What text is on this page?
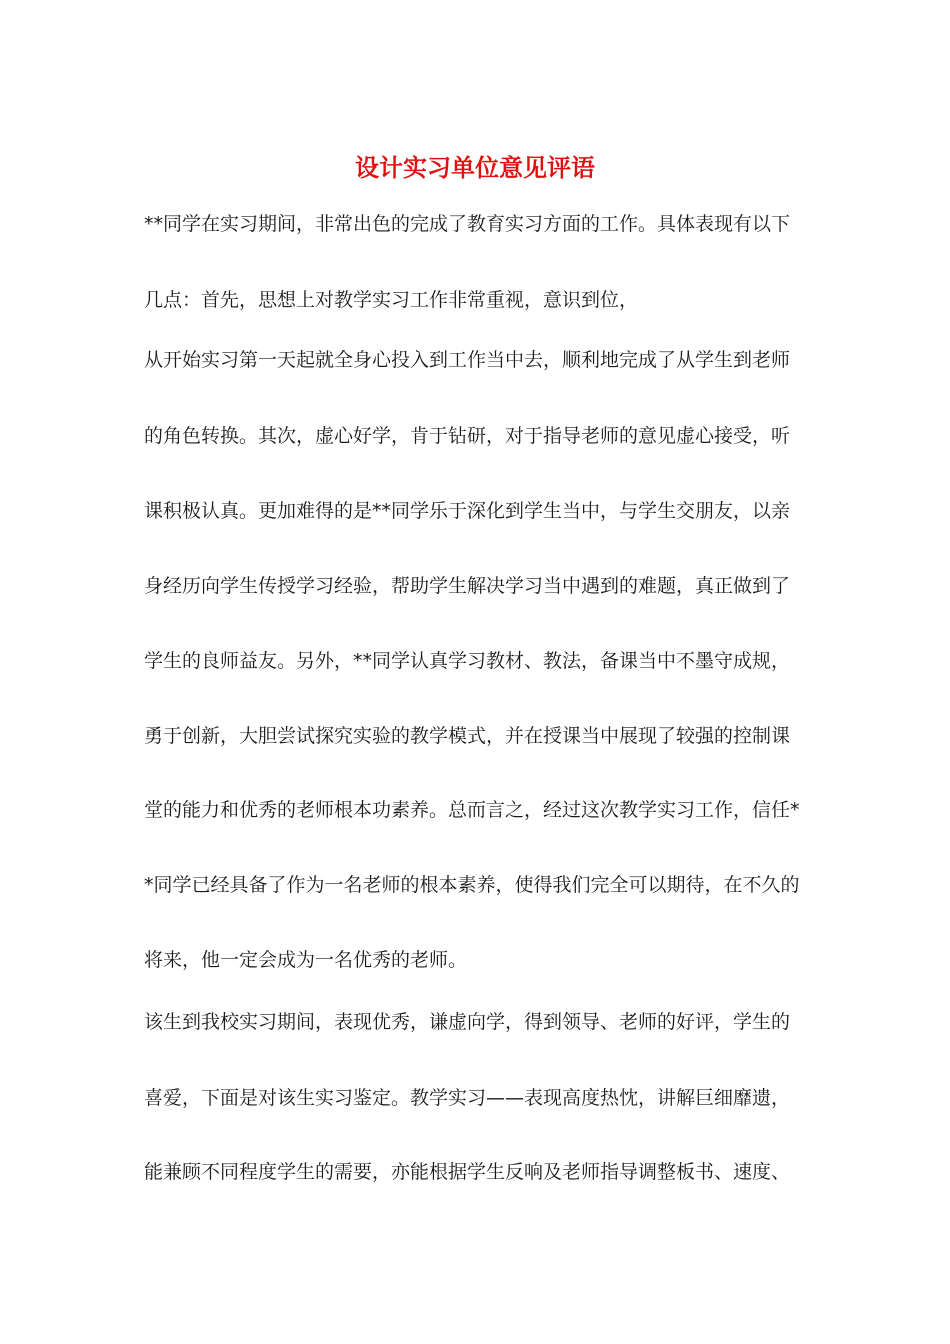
设计实习单位意见评语
**同学在实习期间，非常出色的完成了教育实习方面的工作。具体表现有以下
几点：首先，思想上对教学实习工作非常重视，意识到位，
从开始实习第一天起就全身心投入到工作当中去，顺利地完成了从学生到老师
的角色转换。其次，虚心好学，肯于钻研，对于指导老师的意见虚心接受，听
课积极认真。更加难得的是**同学乐于深化到学生当中，与学生交朋友，以亲
身经历向学生传授学习经验，帮助学生解决学习当中遇到的难题，真正做到了
学生的良师益友。另外，**同学认真学习教材、教法，备课当中不墨守成规，
勇于创新，大胆尝试探究实验的教学模式，并在授课当中展现了较强的控制课
堂的能力和优秀的老师根本功素养。总而言之，经过这次教学实习工作，信任*
*同学已经具备了作为一名老师的根本素养，使得我们完全可以期待，在不久的
将来，他一定会成为一名优秀的老师。
该生到我校实习期间，表现优秀，谦虚向学，得到领导、老师的好评，学生的
喜爱，下面是对该生实习鉴定。教学实习——表现高度热忱，讲解巨细靡遗，
能兼顾不同程度学生的需要，亦能根据学生反响及老师指导调整板书、速度、
